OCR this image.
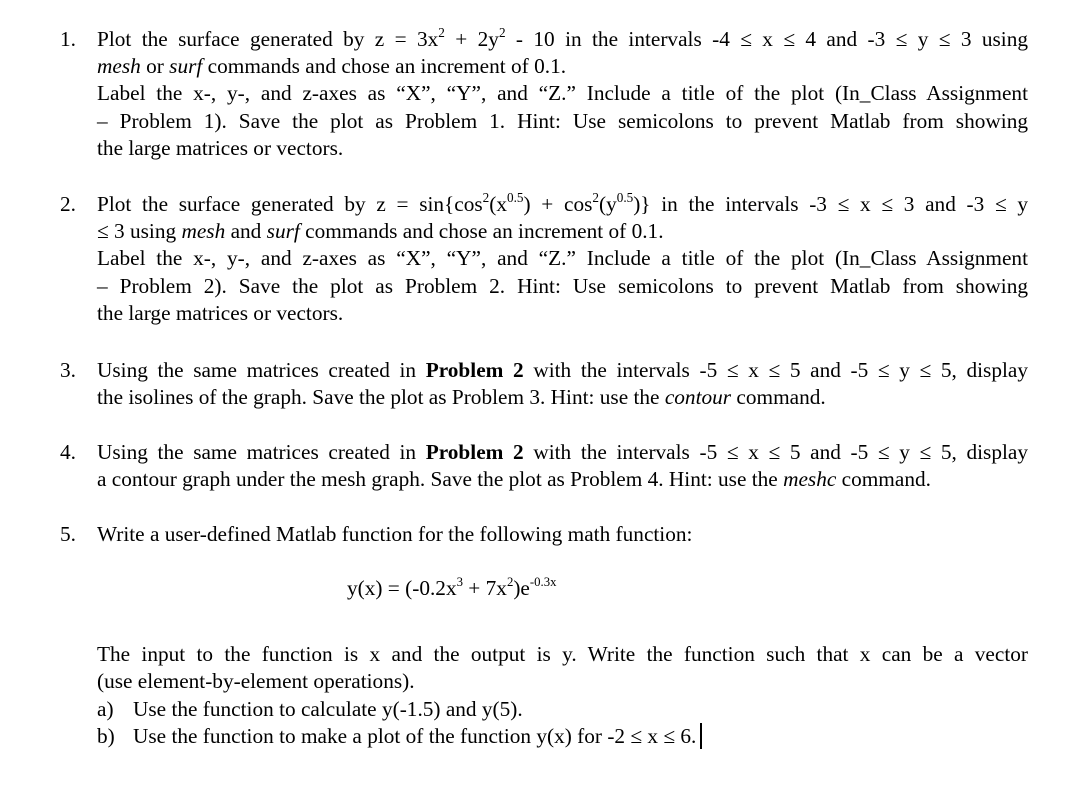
1. Plot the surface generated by $z = 3x^2 + 2y^2 - 10$ in the intervals -4 ≤ x ≤ 4 and -3 ≤ y ≤ 3 using
mesh or surf commands and chose an increment of 0.1.
Label the x-, y-, and z-axes as “X”, “Y”, and “Z.” Include a title of the plot (In_Class Assignment
– Problem 1). Save the plot as Problem 1. Hint: Use semicolons to prevent Matlab from showing
the large matrices or vectors.
2. Plot the surface generated by $z = \sin\{\cos^2(x^{0.5}) + \cos^2(y^{0.5})\}$ in the intervals -3 ≤ x ≤ 3 and -3 ≤ y
≤ 3 using mesh and surf commands and chose an increment of 0.1.
Label the x-, y-, and z-axes as “X”, “Y”, and “Z.” Include a title of the plot (In_Class Assignment
– Problem 2). Save the plot as Problem 2. Hint: Use semicolons to prevent Matlab from showing
the large matrices or vectors.
3. Using the same matrices created in Problem 2 with the intervals -5 ≤ x ≤ 5 and -5 ≤ y ≤ 5, display
the isolines of the graph. Save the plot as Problem 3. Hint: use the contour command.
4. Using the same matrices created in Problem 2 with the intervals -5 ≤ x ≤ 5 and -5 ≤ y ≤ 5, display
a contour graph under the mesh graph. Save the plot as Problem 4. Hint: use the meshc command.
5. Write a user-defined Matlab function for the following math function:
$y(x) = (-0.2x^3 + 7x^2)e^{-0.3x}$
The input to the function is x and the output is y. Write the function such that x can be a vector
(use element-by-element operations).
a) Use the function to calculate y(-1.5) and y(5).
b) Use the function to make a plot of the function y(x) for -2 ≤ x ≤ 6.
